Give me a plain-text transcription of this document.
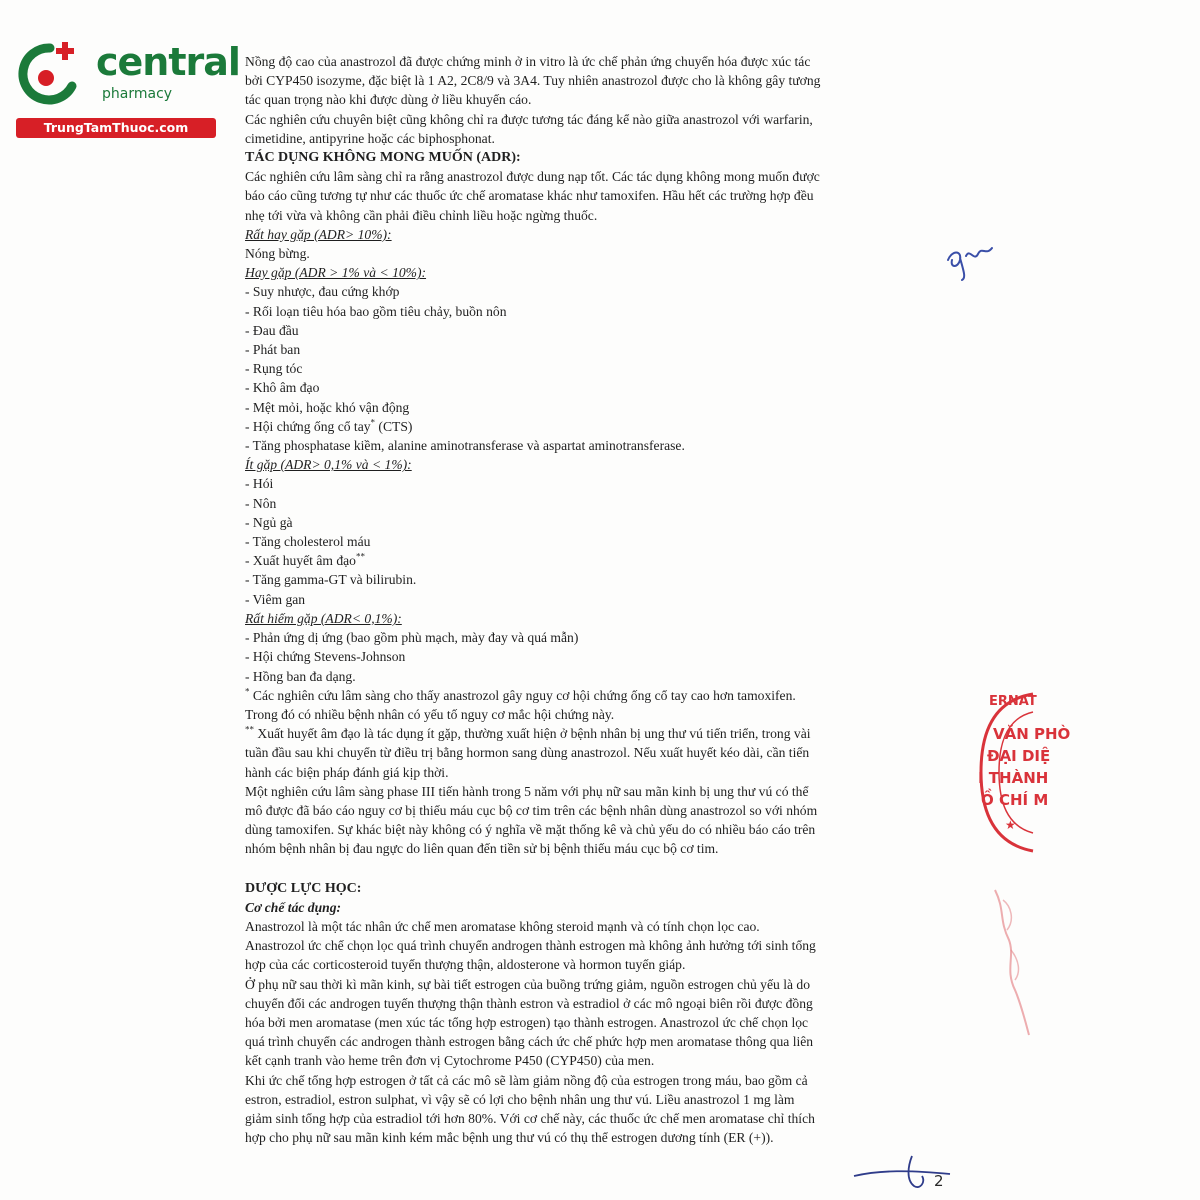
central
pharmacy
TrungTamThuoc.com

Nồng độ cao của anastrozol đã được chứng minh ở in vitro là ức chế phản ứng chuyển hóa được xúc tác

bởi CYP450 isozyme, đặc biệt là 1 A2, 2C8/9 và 3A4. Tuy nhiên anastrozol được cho là không gây tương

tác quan trọng nào khi được dùng ở liều khuyến cáo.

Các nghiên cứu chuyên biệt cũng không chỉ ra được tương tác đáng kể nào giữa anastrozol với warfarin,

cimetidine, antipyrine hoặc các biphosphonat.

TÁC DỤNG KHÔNG MONG MUỐN (ADR):

Các nghiên cứu lâm sàng chỉ ra rằng anastrozol được dung nạp tốt. Các tác dụng không mong muốn được

báo cáo cũng tương tự như các thuốc ức chế aromatase khác như tamoxifen. Hầu hết các trường hợp đều

nhẹ tới vừa và không cần phải điều chỉnh liều hoặc ngừng thuốc.

Rất hay gặp (ADR> 10%):

Nóng bừng.

Hay gặp (ADR > 1% và < 10%):

- Suy nhược, đau cứng khớp

- Rối loạn tiêu hóa bao gồm tiêu chảy, buồn nôn

- Đau đầu

- Phát ban

- Rụng tóc

- Khô âm đạo

- Mệt mỏi, hoặc khó vận động

- Hội chứng ống cổ tay* (CTS)

- Tăng phosphatase kiềm, alanine aminotransferase và aspartat aminotransferase.

Ít gặp (ADR> 0,1% và < 1%):

- Hói

- Nôn

- Ngủ gà

- Tăng cholesterol máu

- Xuất huyết âm đạo**

- Tăng gamma-GT và bilirubin.

- Viêm gan

Rất hiếm gặp (ADR< 0,1%):

- Phản ứng dị ứng (bao gồm phù mạch, mày đay và quá mẫn)

- Hội chứng Stevens-Johnson

- Hồng ban đa dạng.

* Các nghiên cứu lâm sàng cho thấy anastrozol gây nguy cơ hội chứng ống cổ tay cao hơn tamoxifen.

Trong đó có nhiều bệnh nhân có yếu tố nguy cơ mắc hội chứng này.

** Xuất huyết âm đạo là tác dụng ít gặp, thường xuất hiện ở bệnh nhân bị ung thư vú tiến triển, trong vài

tuần đầu sau khi chuyển từ điều trị bằng hormon sang dùng anastrozol. Nếu xuất huyết kéo dài, cần tiến

hành các biện pháp đánh giá kịp thời.

Một nghiên cứu lâm sàng phase III tiến hành trong 5 năm với phụ nữ sau mãn kinh bị ung thư vú có thể

mô được đã báo cáo nguy cơ bị thiếu máu cục bộ cơ tim trên các bệnh nhân dùng anastrozol so với nhóm

dùng tamoxifen. Sự khác biệt này không có ý nghĩa về mặt thống kê và chủ yếu do có nhiều báo cáo trên

nhóm bệnh nhân bị đau ngực do liên quan đến tiền sử bị bệnh thiếu máu cục bộ cơ tim.

DƯỢC LỰC HỌC:

Cơ chế tác dụng:

Anastrozol là một tác nhân ức chế men aromatase không steroid mạnh và có tính chọn lọc cao.

Anastrozol ức chế chọn lọc quá trình chuyển androgen thành estrogen mà không ảnh hưởng tới sinh tổng

hợp của các corticosteroid tuyến thượng thận, aldosterone và hormon tuyến giáp.

Ở phụ nữ sau thời kì mãn kinh, sự bài tiết estrogen của buồng trứng giảm, nguồn estrogen chủ yếu là do

chuyển đổi các androgen tuyến thượng thận thành estron và estradiol ở các mô ngoại biên rồi được đồng

hóa bởi men aromatase (men xúc tác tổng hợp estrogen) tạo thành estrogen. Anastrozol ức chế chọn lọc

quá trình chuyển các androgen thành estrogen bằng cách ức chế phức hợp men aromatase thông qua liên

kết cạnh tranh vào heme trên đơn vị Cytochrome P450 (CYP450) của men.

Khi ức chế tổng hợp estrogen ở tất cả các mô sẽ làm giảm nồng độ của estrogen trong máu, bao gồm cả

estron, estradiol, estron sulphat, vì vậy sẽ có lợi cho bệnh nhân ung thư vú. Liều anastrozol 1 mg làm

giảm sinh tổng hợp của estradiol tới hơn 80%. Với cơ chế này, các thuốc ức chế men aromatase chỉ thích

hợp cho phụ nữ sau mãn kinh kém mắc bệnh ung thư vú có thụ thể estrogen dương tính (ER (+)).

ERNAT
VĂN PHÒ
ĐẠI DIỆ
I THÀNH
Ồ CHÍ M
★
2
